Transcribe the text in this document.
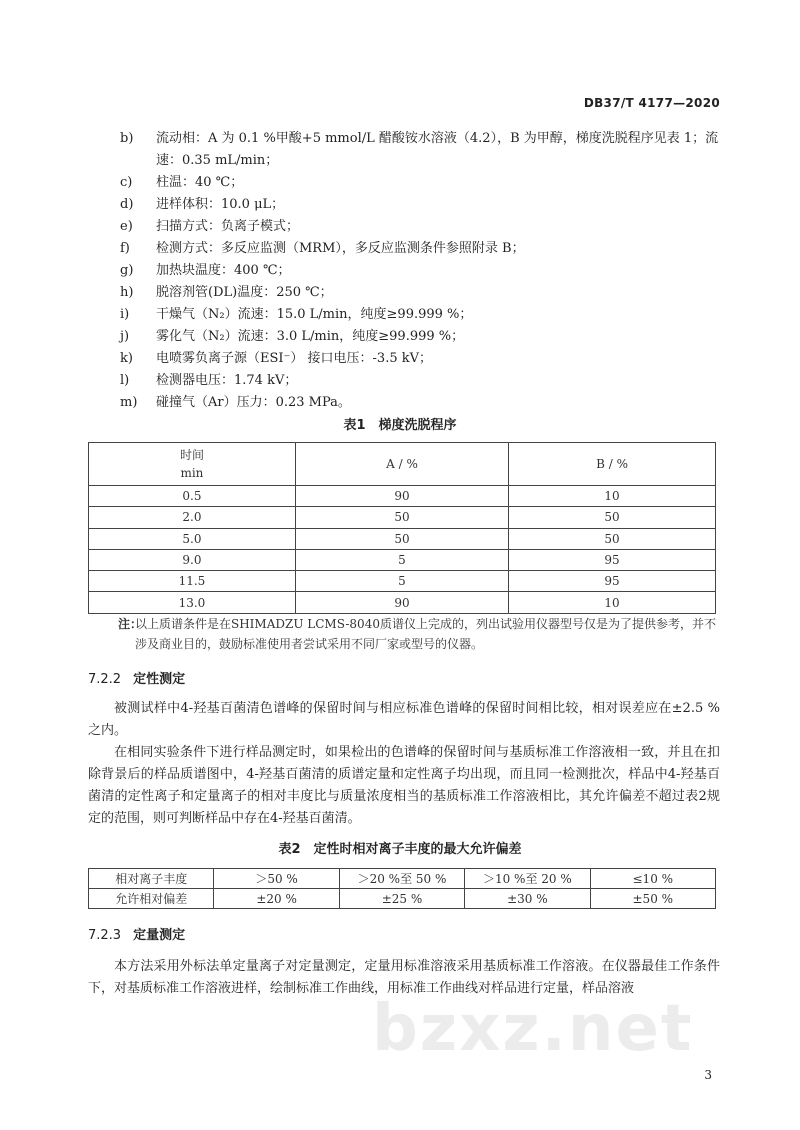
DB37/T 4177—2020
b)	流动相：A 为 0.1 %甲酸+5 mmol/L 醋酸铵水溶液（4.2），B 为甲醇，梯度洗脱程序见表 1；流速：0.35 mL/min；
c)	柱温：40 ℃；
d)	进样体积：10.0 μL；
e)	扫描方式：负离子模式；
f)	检测方式：多反应监测（MRM），多反应监测条件参照附录 B；
g)	加热块温度：400 ℃；
h)	脱溶剂管(DL)温度：250 ℃；
i)	干燥气（N₂）流速：15.0 L/min，纯度≥99.999 %；
j)	雾化气（N₂）流速：3.0 L/min，纯度≥99.999 %；
k)	电喷雾负离子源（ESI⁻） 接口电压：-3.5 kV；
l)	检测器电压：1.74 kV；
m)	碰撞气（Ar）压力：0.23 MPa。
表1　梯度洗脱程序
时间
min	A / %	B / %
0.5	90	10
2.0	50	50
5.0	50	50
9.0	5	95
11.5	5	95
13.0	90	10
注：
以上质谱条件是在SHIMADZU LCMS-8040质谱仪上完成的，列出试验用仪器型号仅是为了提供参考，并不涉及商业目的，鼓励标准使用者尝试采用不同厂家或型号的仪器。
7.2.2 定性测定
被测试样中4-羟基百菌清色谱峰的保留时间与相应标准色谱峰的保留时间相比较，相对误差应在±2.5 %之内。
在相同实验条件下进行样品测定时，如果检出的色谱峰的保留时间与基质标准工作溶液相一致，并且在扣除背景后的样品质谱图中，4-羟基百菌清的质谱定量和定性离子均出现，而且同一检测批次，样品中4-羟基百菌清的定性离子和定量离子的相对丰度比与质量浓度相当的基质标准工作溶液相比，其允许偏差不超过表2规定的范围，则可判断样品中存在4-羟基百菌清。
表2　定性时相对离子丰度的最大允许偏差
相对离子丰度	＞50 %	＞20 %至 50 %	＞10 %至 20 %	≤10 %
允许相对偏差	±20 %	±25 %	±30 %	±50 %
7.2.3 定量测定
本方法采用外标法单定量离子对定量测定，定量用标准溶液采用基质标准工作溶液。在仪器最佳工作条件下，对基质标准工作溶液进样，绘制标准工作曲线，用标准工作曲线对样品进行定量，样品溶液
bzxz.net
3
